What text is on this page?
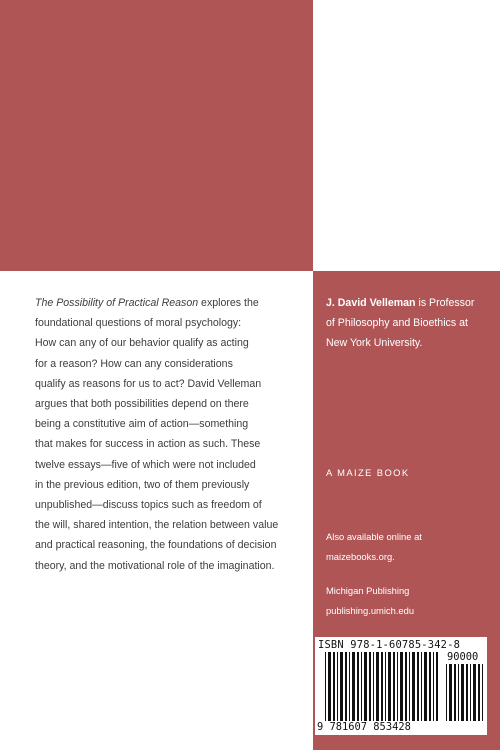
The Possibility of Practical Reason explores the
foundational questions of moral psychology:
How can any of our behavior qualify as acting
for a reason? How can any considerations
qualify as reasons for us to act? David Velleman
argues that both possibilities depend on there
being a constitutive aim of action—something
that makes for success in action as such. These
twelve essays—five of which were not included
in the previous edition, two of them previously
unpublished—discuss topics such as freedom of
the will, shared intention, the relation between value
and practical reasoning, the foundations of decision
theory, and the motivational role of the imagination.
J. David Velleman is Professor
of Philosophy and Bioethics at
New York University.
A MAIZE BOOK
Also available online at
maizebooks.org.
Michigan Publishing
publishing.umich.edu
ISBN 978-1-60785-342-8
90000
9 781607 853428
